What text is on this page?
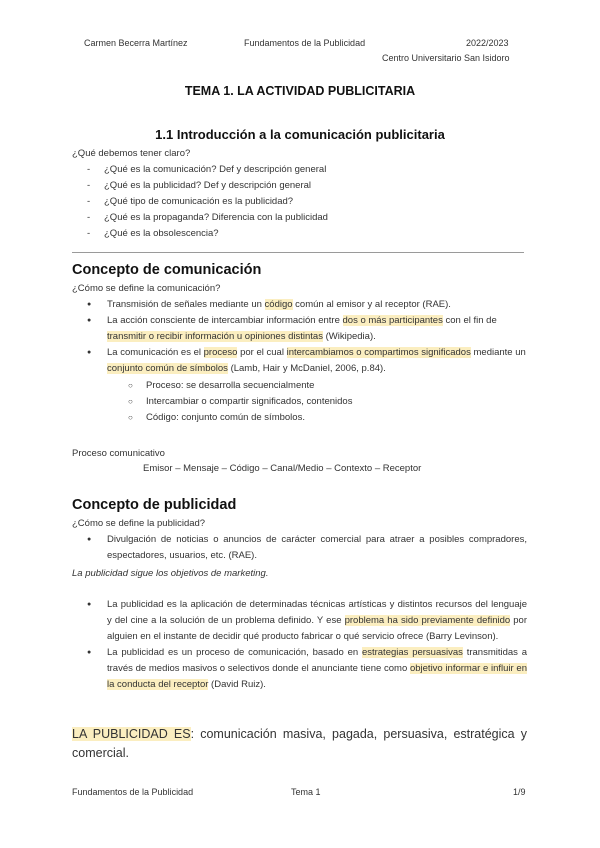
Carmen Becerra Martínez	Fundamentos de la Publicidad	2022/2023
Centro Universitario San Isidoro
TEMA 1. LA ACTIVIDAD PUBLICITARIA
1.1 Introducción a la comunicación publicitaria
¿Qué debemos tener claro?
- ¿Qué es la comunicación? Def y descripción general
- ¿Qué es la publicidad? Def y descripción general
- ¿Qué tipo de comunicación es la publicidad?
- ¿Qué es la propaganda? Diferencia con la publicidad
- ¿Qué es la obsolescencia?
Concepto de comunicación
¿Cómo se define la comunicación?
● Transmisión de señales mediante un código común al emisor y al receptor (RAE).
● La acción consciente de intercambiar información entre dos o más participantes con el fin de transmitir o recibir información u opiniones distintas (Wikipedia).
● La comunicación es el proceso por el cual intercambiamos o compartimos significados mediante un conjunto común de símbolos (Lamb, Hair y McDaniel, 2006, p.84).
○ Proceso: se desarrolla secuencialmente
○ Intercambiar o compartir significados, contenidos
○ Código: conjunto común de símbolos.
Proceso comunicativo
Emisor – Mensaje – Código – Canal/Medio – Contexto – Receptor
Concepto de publicidad
¿Cómo se define la publicidad?
● Divulgación de noticias o anuncios de carácter comercial para atraer a posibles compradores, espectadores, usuarios, etc. (RAE).
La publicidad sigue los objetivos de marketing.
● La publicidad es la aplicación de determinadas técnicas artísticas y distintos recursos del lenguaje y del cine a la solución de un problema definido. Y ese problema ha sido previamente definido por alguien en el instante de decidir qué producto fabricar o qué servicio ofrece (Barry Levinson).
● La publicidad es un proceso de comunicación, basado en estrategias persuasivas transmitidas a través de medios masivos o selectivos donde el anunciante tiene como objetivo informar e influir en la conducta del receptor (David Ruiz).
LA PUBLICIDAD ES: comunicación masiva, pagada, persuasiva, estratégica y comercial.
Fundamentos de la Publicidad	Tema 1	1/9
